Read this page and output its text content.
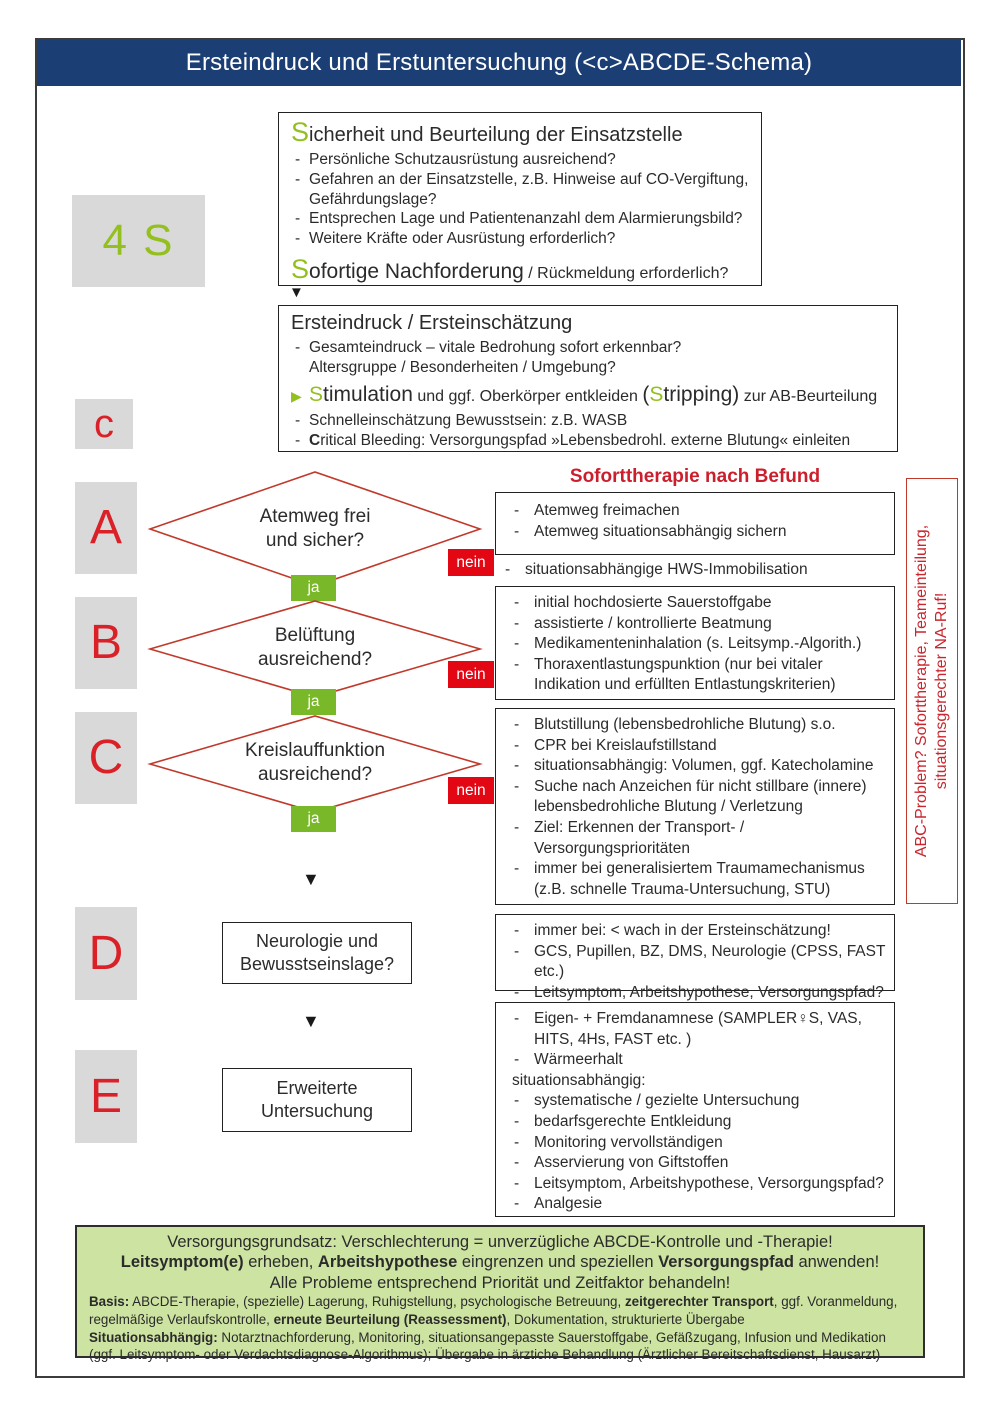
Ersteindruck und Erstuntersuchung (<c>ABCDE-Schema)
4 S
Sicherheit und Beurteilung der Einsatzstelle
- Persönliche Schutzausrüstung ausreichend?
- Gefahren an der Einsatzstelle, z.B. Hinweise auf CO-Vergiftung, Gefährdungslage?
- Entsprechen Lage und Patientenanzahl dem Alarmierungsbild?
- Weitere Kräfte oder Ausrüstung erforderlich?
Sofortige Nachforderung / Rückmeldung erforderlich?
▼
c
Ersteindruck / Ersteinschätzung
- Gesamteindruck – vitale Bedrohung sofort erkennbar?
Altersgruppe / Besonderheiten / Umgebung?
▶ Stimulation und ggf. Oberkörper entkleiden (Stripping) zur AB-Beurteilung
- Schnelleinschätzung Bewusstsein: z.B. WASB
- Critical Bleeding: Versorgungspfad »Lebensbedrohl. externe Blutung« einleiten
A	Atemweg frei
und sicher?
nein
ja
B	Belüftung
ausreichend?
nein
ja
C	Kreislauffunktion
ausreichend?
nein
ja
▼
D	Neurologie und
Bewusstseinslage?
▼
E	Erweiterte
Untersuchung
Soforttherapie nach Befund
- Atemweg freimachen
- Atemweg situationsabhängig sichern
- situationsabhängige HWS-Immobilisation
- initial hochdosierte Sauerstoffgabe
- assistierte / kontrollierte Beatmung
- Medikamenteninhalation (s. Leitsymp.-Algorith.)
- Thoraxentlastungspunktion (nur bei vitaler Indikation und erfüllten Entlastungskriterien)
- Blutstillung (lebensbedrohliche Blutung) s.o.
- CPR bei Kreislaufstillstand
- situationsabhängig: Volumen, ggf. Katecholamine
- Suche nach Anzeichen für nicht stillbare (innere) lebensbedrohliche Blutung / Verletzung
- Ziel: Erkennen der Transport- / Versorgungsprioritäten
- immer bei generalisiertem Traumamechanismus (z.B. schnelle Trauma-Untersuchung, STU)
- immer bei: < wach in der Ersteinschätzung!
- GCS, Pupillen, BZ, DMS, Neurologie (CPSS, FAST etc.)
- Leitsymptom, Arbeitshypothese, Versorgungspfad?
- Eigen- + Fremdanamnese (SAMPLER♀S, VAS, HITS, 4Hs, FAST etc. )
- Wärmeerhalt
situationsabhängig:
- systematische / gezielte Untersuchung
- bedarfsgerechte Entkleidung
- Monitoring vervollständigen
- Asservierung von Giftstoffen
- Leitsymptom, Arbeitshypothese, Versorgungspfad?
- Analgesie
ABC-Problem? Soforttherapie, Teameinteilung, situationsgerechter NA-Ruf!
Versorgungsgrundsatz: Verschlechterung = unverzügliche ABCDE-Kontrolle und -Therapie!
Leitsymptom(e) erheben, Arbeitshypothese eingrenzen und speziellen Versorgungspfad anwenden!
Alle Probleme entsprechend Priorität und Zeitfaktor behandeln!
Basis: ABCDE-Therapie, (spezielle) Lagerung, Ruhigstellung, psychologische Betreuung, zeitgerechter Transport, ggf. Voranmeldung, regelmäßige Verlaufskontrolle, erneute Beurteilung (Reassessment), Dokumentation, strukturierte Übergabe
Situationsabhängig: Notarztnachforderung, Monitoring, situationsangepasste Sauerstoffgabe, Gefäßzugang, Infusion und Medikation (ggf. Leitsymptom- oder Verdachtsdiagnose-Algorithmus); Übergabe in ärztiche Behandlung (Ärztlicher Bereitschaftsdienst, Hausarzt)
